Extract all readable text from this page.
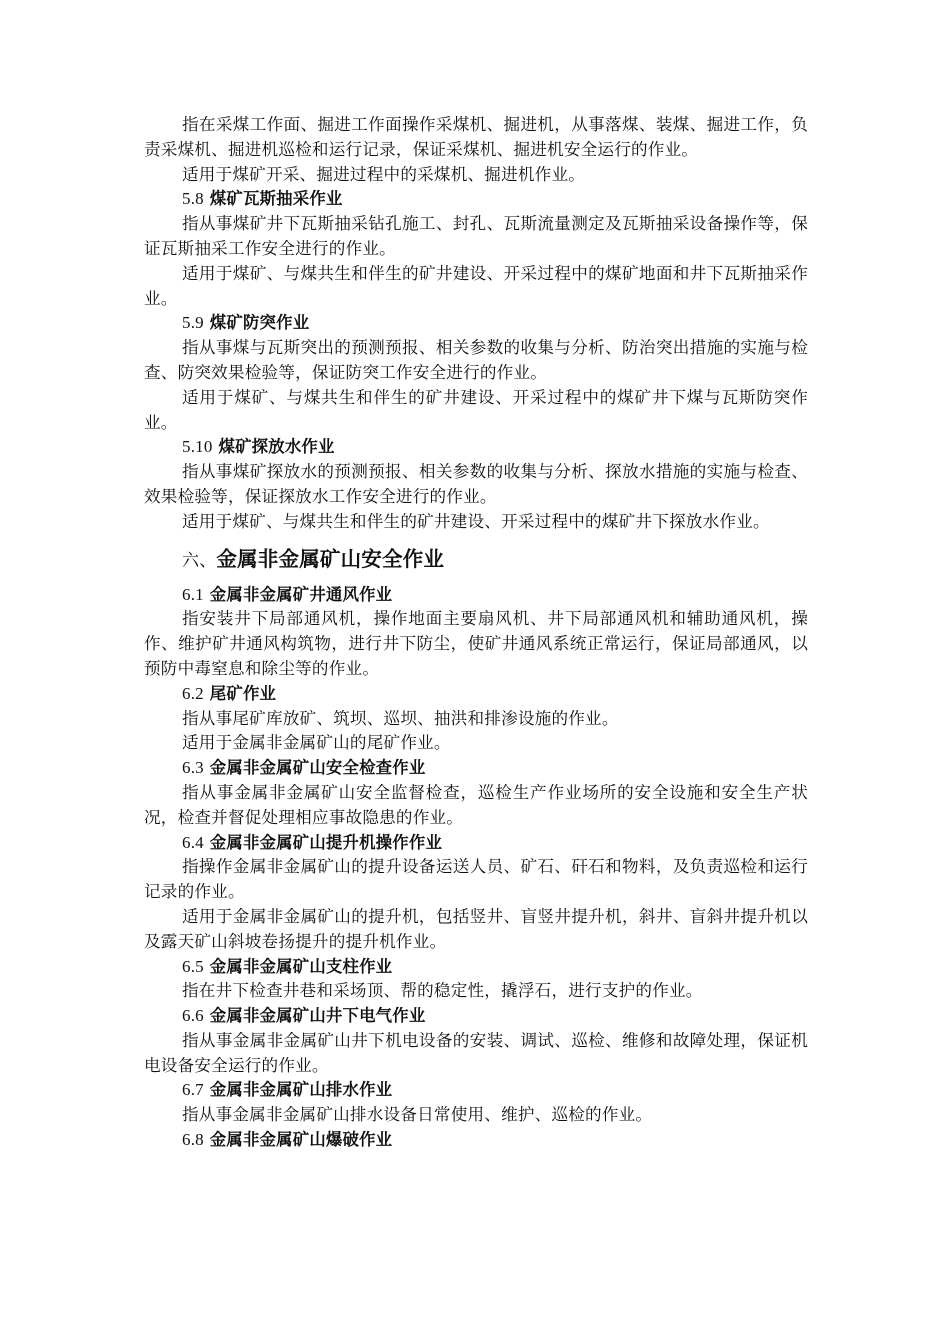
指在采煤工作面、掘进工作面操作采煤机、掘进机，从事落煤、装煤、掘进工作，负责采煤机、掘进机巡检和运行记录，保证采煤机、掘进机安全运行的作业。

适用于煤矿开采、掘进过程中的采煤机、掘进机作业。

5.8 煤矿瓦斯抽采作业

指从事煤矿井下瓦斯抽采钻孔施工、封孔、瓦斯流量测定及瓦斯抽采设备操作等，保证瓦斯抽采工作安全进行的作业。

适用于煤矿、与煤共生和伴生的矿井建设、开采过程中的煤矿地面和井下瓦斯抽采作业。

5.9 煤矿防突作业

指从事煤与瓦斯突出的预测预报、相关参数的收集与分析、防治突出措施的实施与检查、防突效果检验等，保证防突工作安全进行的作业。

适用于煤矿、与煤共生和伴生的矿井建设、开采过程中的煤矿井下煤与瓦斯防突作业。

5.10 煤矿探放水作业

指从事煤矿探放水的预测预报、相关参数的收集与分析、探放水措施的实施与检查、效果检验等，保证探放水工作安全进行的作业。

适用于煤矿、与煤共生和伴生的矿井建设、开采过程中的煤矿井下探放水作业。

六、金属非金属矿山安全作业
6.1 金属非金属矿井通风作业

指安装井下局部通风机，操作地面主要扇风机、井下局部通风机和辅助通风机，操作、维护矿井通风构筑物，进行井下防尘，使矿井通风系统正常运行，保证局部通风，以预防中毒窒息和除尘等的作业。

6.2 尾矿作业

指从事尾矿库放矿、筑坝、巡坝、抽洪和排渗设施的作业。

适用于金属非金属矿山的尾矿作业。

6.3 金属非金属矿山安全检查作业

指从事金属非金属矿山安全监督检查，巡检生产作业场所的安全设施和安全生产状况，检查并督促处理相应事故隐患的作业。

6.4 金属非金属矿山提升机操作作业

指操作金属非金属矿山的提升设备运送人员、矿石、矸石和物料，及负责巡检和运行记录的作业。

适用于金属非金属矿山的提升机，包括竖井、盲竖井提升机，斜井、盲斜井提升机以及露天矿山斜坡卷扬提升的提升机作业。

6.5 金属非金属矿山支柱作业

指在井下检查井巷和采场顶、帮的稳定性，撬浮石，进行支护的作业。

6.6 金属非金属矿山井下电气作业

指从事金属非金属矿山井下机电设备的安装、调试、巡检、维修和故障处理，保证机电设备安全运行的作业。

6.7 金属非金属矿山排水作业

指从事金属非金属矿山排水设备日常使用、维护、巡检的作业。

6.8 金属非金属矿山爆破作业
